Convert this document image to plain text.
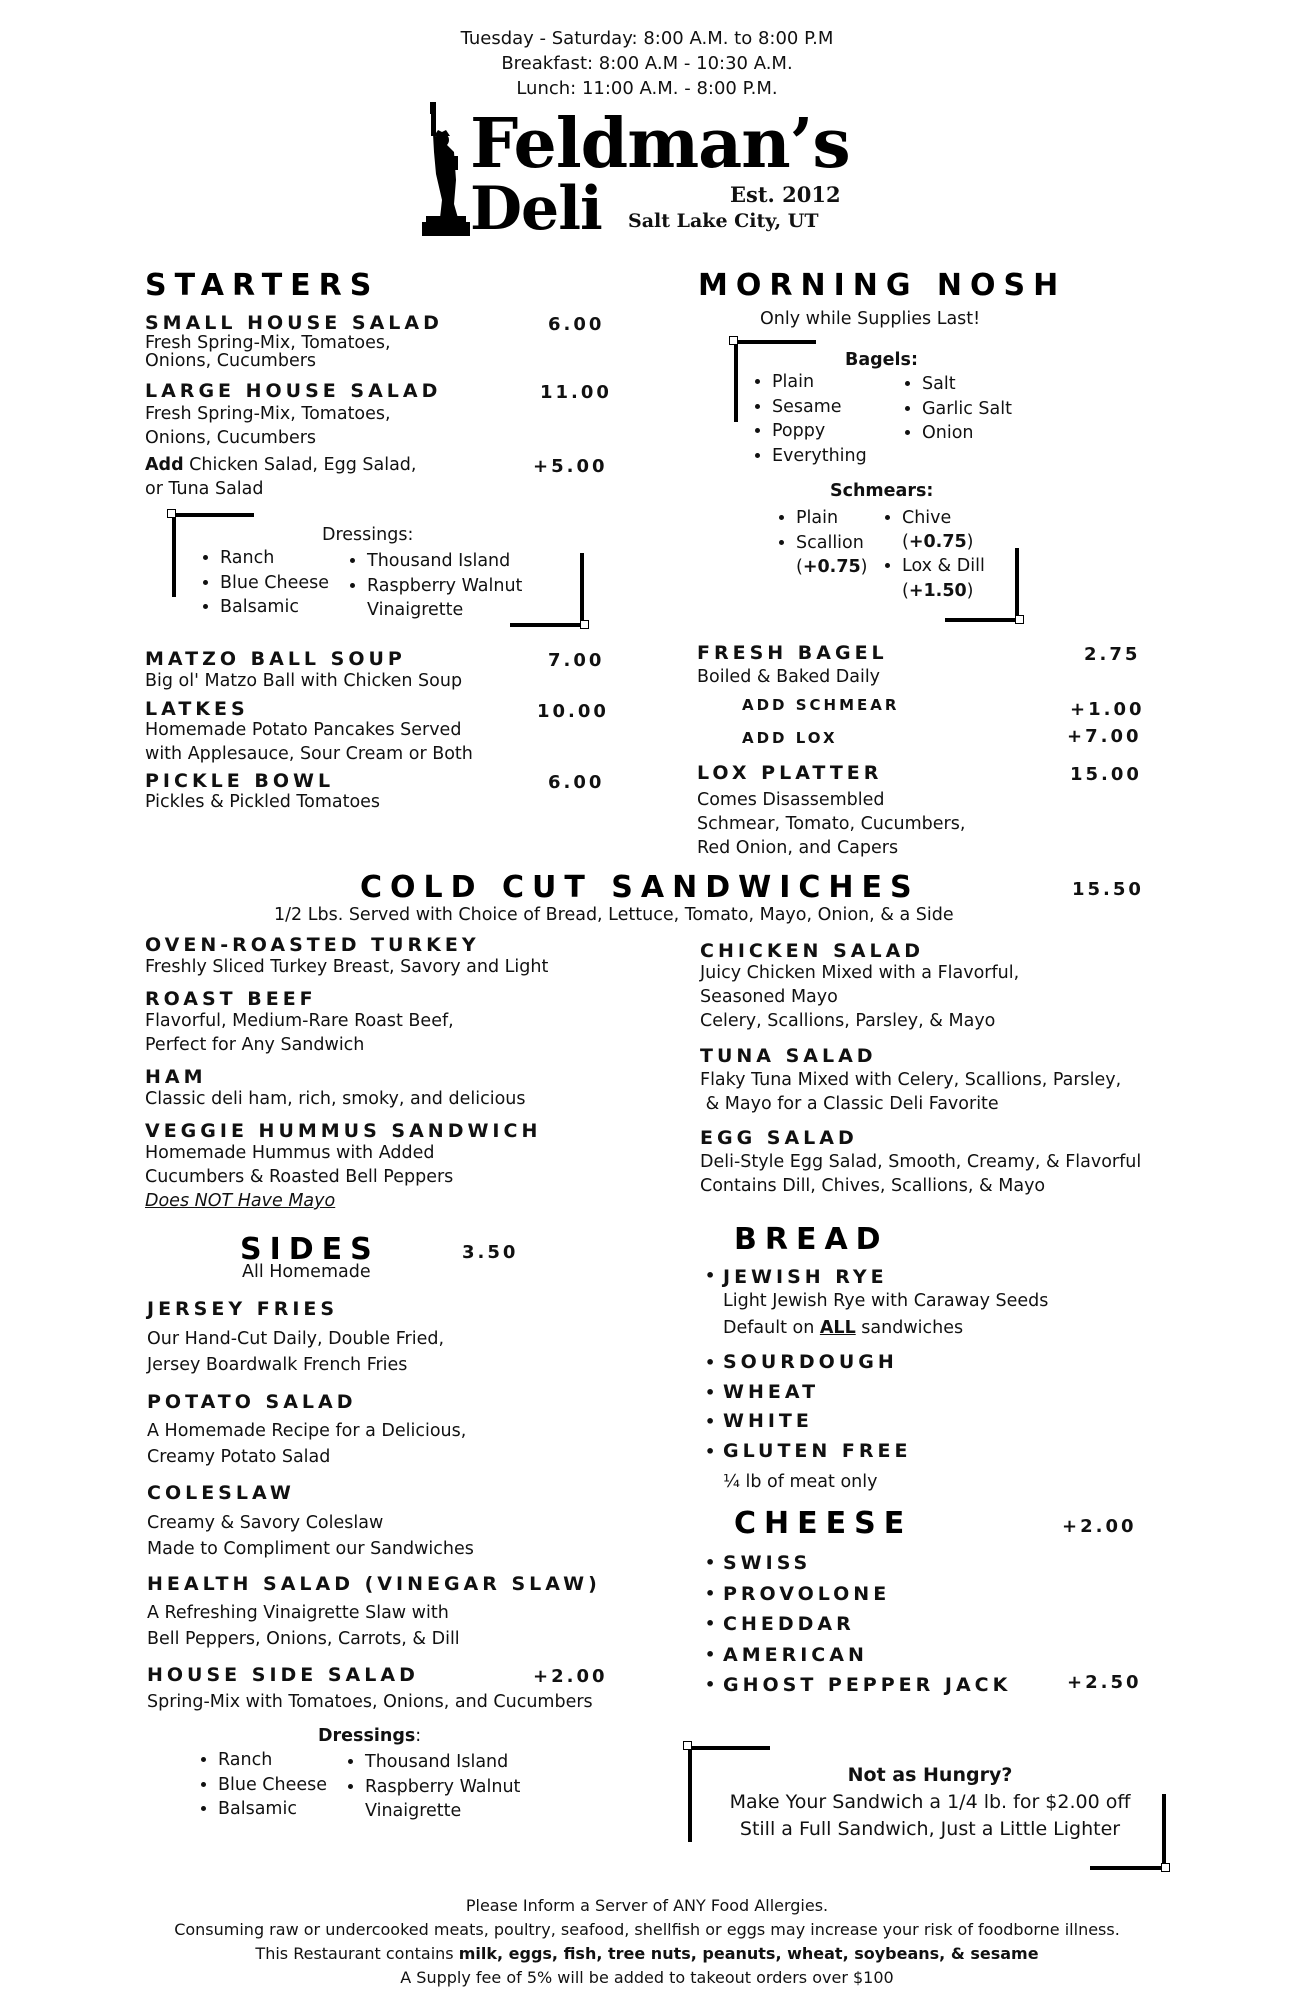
Tuesday - Saturday: 8:00 A.M. to 8:00 P.M
Breakfast: 8:00 A.M - 10:30 A.M.
Lunch: 11:00 A.M. - 8:00 P.M.
Feldman’s
Deli	Est. 2012
Salt Lake City, UT
STARTERS
SMALL HOUSE SALAD	6.00
Fresh Spring-Mix, Tomatoes,
Onions, Cucumbers
LARGE HOUSE SALAD	11.00
Fresh Spring-Mix, Tomatoes,
Onions, Cucumbers
Add Chicken Salad, Egg Salad,
or Tuna Salad
+5.00
Dressings:
• Ranch
• Blue Cheese
• Balsamic
• Thousand Island
• Raspberry Walnut
Vinaigrette
MATZO BALL SOUP	7.00
Big ol' Matzo Ball with Chicken Soup
LATKES	10.00
Homemade Potato Pancakes Served
with Applesauce, Sour Cream or Both
PICKLE BOWL	6.00
Pickles & Pickled Tomatoes
MORNING NOSH
Only while Supplies Last!
Bagels:
• Plain
• Sesame
• Poppy
• Everything
• Salt
• Garlic Salt
• Onion
Schmears:
• Plain
• Scallion
(+0.75)
• Chive
(+0.75)
• Lox & Dill
(+1.50)
FRESH BAGEL	2.75
Boiled & Baked Daily
ADD SCHMEAR	+1.00
ADD LOX	+7.00
LOX PLATTER	15.00
Comes Disassembled
Schmear, Tomato, Cucumbers,
Red Onion, and Capers
COLD CUT SANDWICHES	15.50
1/2 Lbs. Served with Choice of Bread, Lettuce, Tomato, Mayo, Onion, & a Side
OVEN-ROASTED TURKEY
Freshly Sliced Turkey Breast, Savory and Light
ROAST BEEF
Flavorful, Medium-Rare Roast Beef,
Perfect for Any Sandwich
HAM
Classic deli ham, rich, smoky, and delicious
VEGGIE HUMMUS SANDWICH
Homemade Hummus with Added
Cucumbers & Roasted Bell Peppers
Does NOT Have Mayo
CHICKEN SALAD
Juicy Chicken Mixed with a Flavorful,
Seasoned Mayo
Celery, Scallions, Parsley, & Mayo
TUNA SALAD
Flaky Tuna Mixed with Celery, Scallions, Parsley,
& Mayo for a Classic Deli Favorite
EGG SALAD
Deli-Style Egg Salad, Smooth, Creamy, & Flavorful
Contains Dill, Chives, Scallions, & Mayo
SIDES	3.50
All Homemade
JERSEY FRIES
Our Hand-Cut Daily, Double Fried,
Jersey Boardwalk French Fries
POTATO SALAD
A Homemade Recipe for a Delicious,
Creamy Potato Salad
COLESLAW
Creamy & Savory Coleslaw
Made to Compliment our Sandwiches
HEALTH SALAD (VINEGAR SLAW)
A Refreshing Vinaigrette Slaw with
Bell Peppers, Onions, Carrots, & Dill
HOUSE SIDE SALAD	+2.00
Spring-Mix with Tomatoes, Onions, and Cucumbers
Dressings:
• Ranch
• Blue Cheese
• Balsamic
• Thousand Island
• Raspberry Walnut
Vinaigrette
BREAD
• JEWISH RYE
Light Jewish Rye with Caraway Seeds
Default on ALL sandwiches
• SOURDOUGH
• WHEAT
• WHITE
• GLUTEN FREE
¼ lb of meat only
CHEESE	+2.00
• SWISS
• PROVOLONE
• CHEDDAR
• AMERICAN
• GHOST PEPPER JACK	+2.50
Not as Hungry?
Make Your Sandwich a 1/4 lb. for $2.00 off
Still a Full Sandwich, Just a Little Lighter
Please Inform a Server of ANY Food Allergies.
Consuming raw or undercooked meats, poultry, seafood, shellfish or eggs may increase your risk of foodborne illness.
This Restaurant contains milk, eggs, fish, tree nuts, peanuts, wheat, soybeans, & sesame
A Supply fee of 5% will be added to takeout orders over $100
